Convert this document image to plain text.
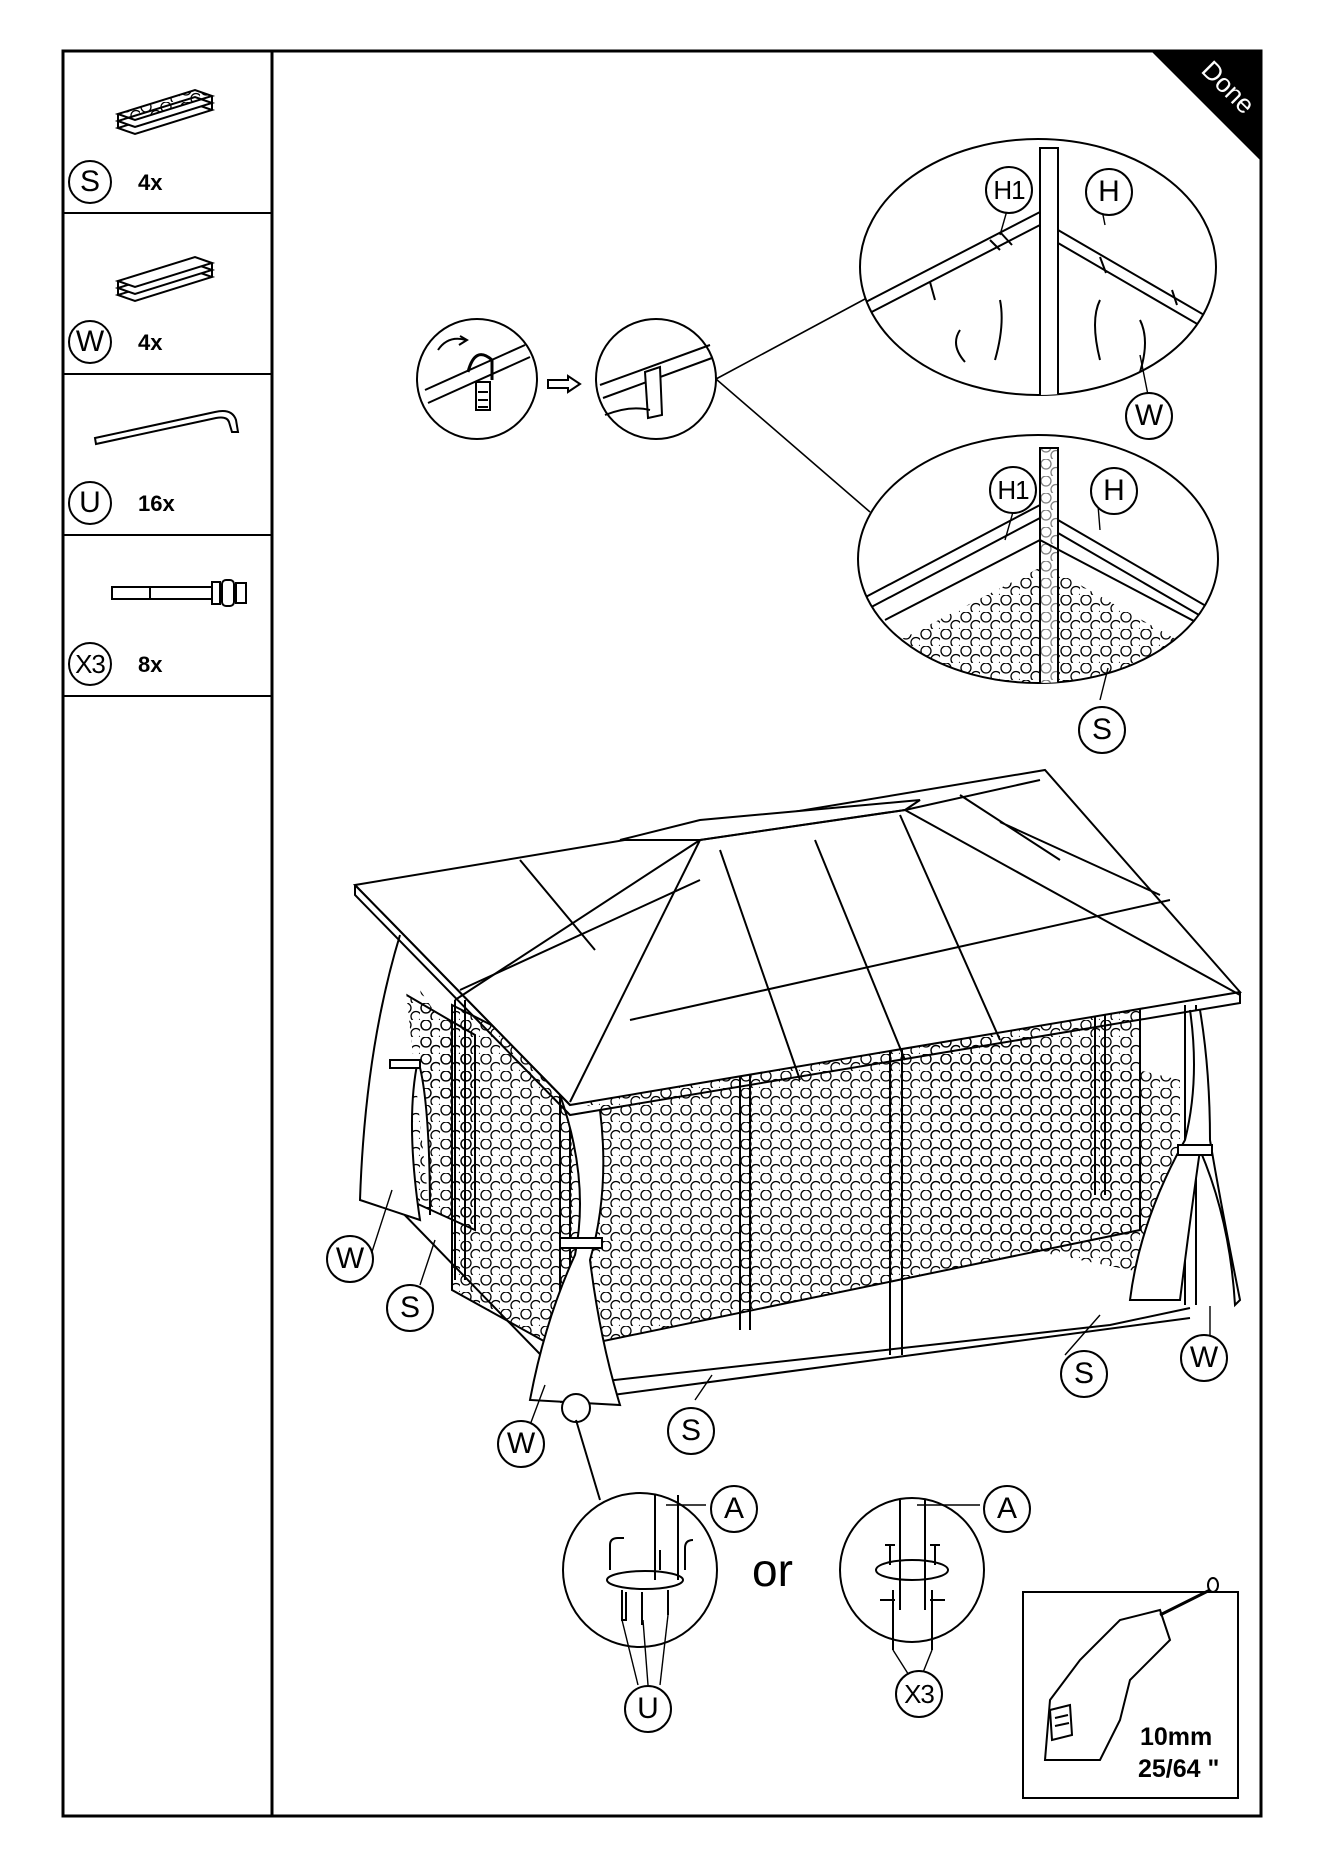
Done
S	4x
W	4x
U	16x
X3	8x
H1	H
W
H1	H
S
W
S
W	S
S	W
A
U
A
X3
or
10mm
25/64 "
